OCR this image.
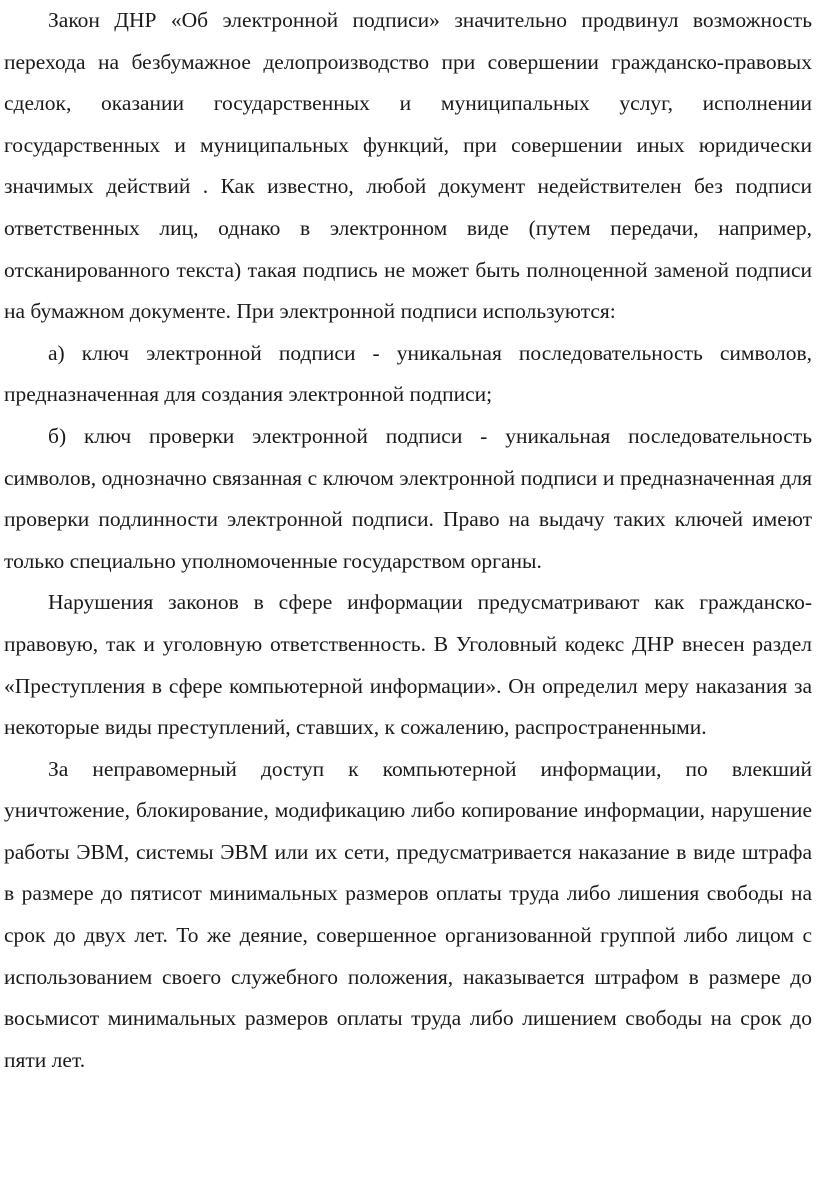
Закон ДНР «Об электронной подписи» значительно продвинул возможность перехода на безбумажное делопроизводство при совершении гражданско-правовых сделок, оказании государственных и муниципальных услуг, исполнении государственных и муниципальных функций, при совершении иных юридически значимых действий . Как известно, любой документ недействителен без подписи ответственных лиц, однако в электронном виде (путем передачи, например, отсканированного текста) такая подпись не может быть полноценной заменой подписи на бумажном документе. При электронной подписи используются:

а) ключ электронной подписи - уникальная последовательность символов, предназначенная для создания электронной подписи;

б) ключ проверки электронной подписи - уникальная последовательность символов, однозначно связанная с ключом электронной подписи и предназначенная для проверки подлинности электронной подписи. Право на выдачу таких ключей имеют только специально уполномоченные государством органы.

Нарушения законов в сфере информации предусматривают как гражданско-правовую, так и уголовную ответственность. В Уголовный кодекс ДНР внесен раздел «Преступления в сфере компьютерной информации». Он определил меру наказания за некоторые виды преступлений, ставших, к сожалению, распространенными.

За неправомерный доступ к компьютерной информации, по влекший уничтожение, блокирование, модификацию либо копирование информации, нарушение работы ЭВМ, системы ЭВМ или их сети, предусматривается наказание в виде штрафа в размере до пятисот минимальных размеров оплаты труда либо лишения свободы на срок до двух лет. То же деяние, совершенное организованной группой либо лицом с использованием своего служебного положения, наказывается штрафом в размере до восьмисот минимальных размеров оплаты труда либо лишением свободы на срок до пяти лет.
